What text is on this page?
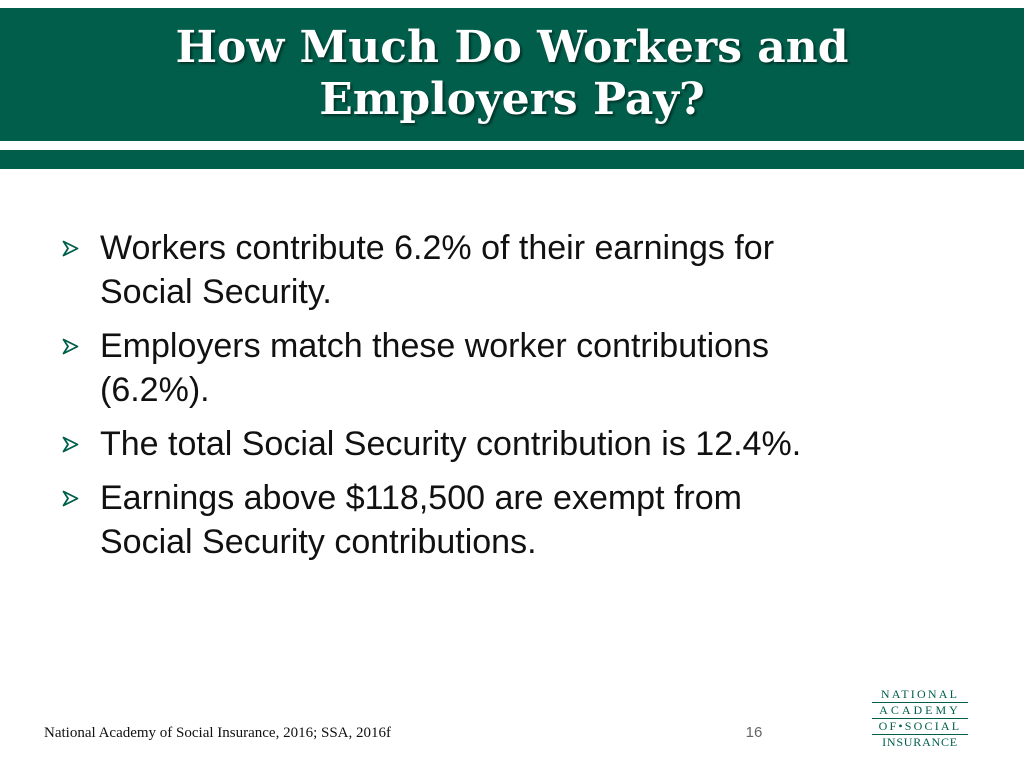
How Much Do Workers and
Employers Pay?
Workers contribute 6.2% of their earnings for
Social Security.
Employers match these worker contributions
(6.2%).
The total Social Security contribution is 12.4%.
Earnings above $118,500 are exempt from
Social Security contributions.
National Academy of Social Insurance, 2016; SSA, 2016f	16
NATIONAL
ACADEMY
OF•SOCIAL
INSURANCE
